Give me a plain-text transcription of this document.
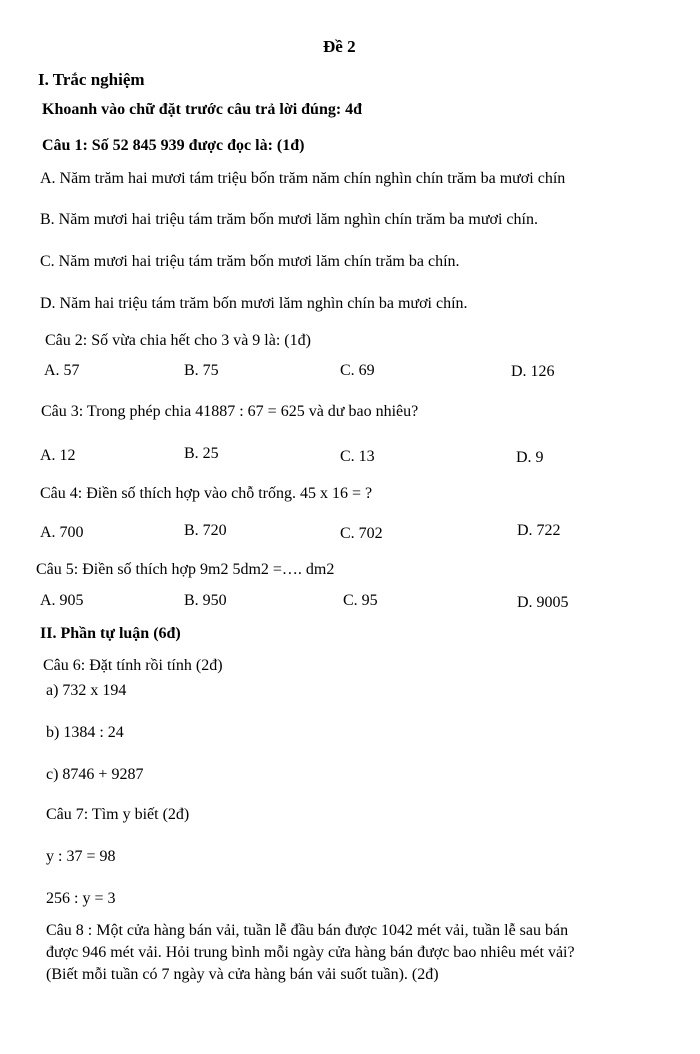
Đề 2
I. Trắc nghiệm
Khoanh vào chữ đặt trước câu trả lời đúng: 4đ
Câu 1: Số 52 845 939 được đọc là: (1đ)
A. Năm trăm hai mươi tám triệu bốn trăm năm chín nghìn chín trăm ba mươi chín
B. Năm mươi hai triệu tám trăm bốn mươi lăm nghìn chín trăm ba mươi chín.
C. Năm mươi hai triệu tám trăm bốn mươi lăm chín trăm ba chín.
D. Năm hai triệu tám trăm bốn mươi lăm nghìn chín ba mươi chín.
Câu 2: Số vừa chia hết cho 3 và 9 là: (1đ)
A. 57	B. 75	C. 69	D. 126
Câu 3: Trong phép chia 41887 : 67 = 625 và dư bao nhiêu?
A. 12	B. 25	C. 13	D. 9
Câu 4: Điền số thích hợp vào chỗ trống. 45 x 16 = ?
A. 700	B. 720	C. 702	D. 722
Câu 5: Điền số thích hợp 9m2 5dm2 =…. dm2
A. 905	B. 950	C. 95	D. 9005
II. Phần tự luận (6đ)
Câu 6: Đặt tính rồi tính (2đ)
a) 732 x 194
b) 1384 : 24
c) 8746 + 9287
Câu 7: Tìm y biết (2đ)
y : 37 = 98
256 : y = 3
Câu 8 : Một cửa hàng bán vải, tuần lễ đầu bán được 1042 mét vải, tuần lễ sau bán
được 946 mét vải. Hỏi trung bình mỗi ngày cửa hàng bán được bao nhiêu mét vải?
(Biết mỗi tuần có 7 ngày và cửa hàng bán vải suốt tuần). (2đ)
